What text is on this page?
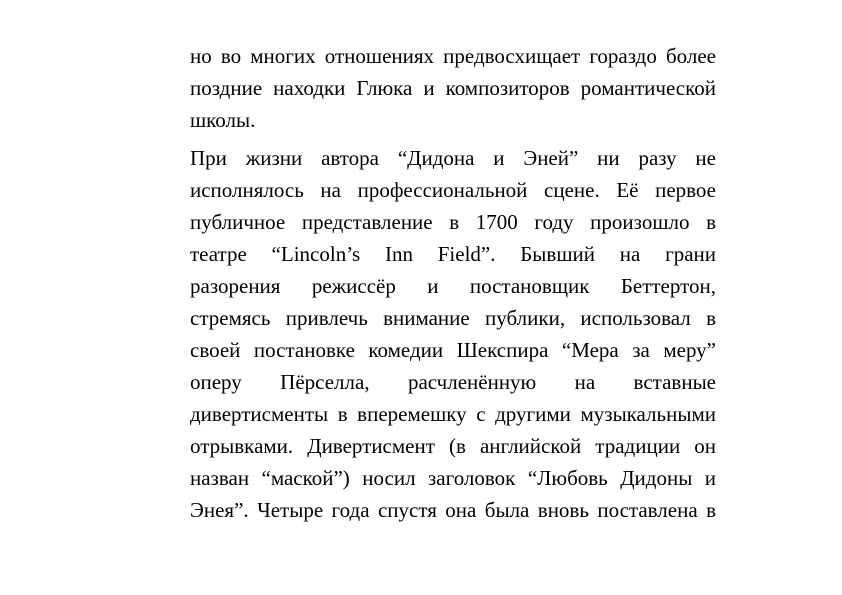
но во многих отношениях предвосхищает гораздо более
поздние находки Глюка и композиторов романтической
школы.
При жизни автора “Дидона и Эней” ни разу не
исполнялось на профессиональной сцене. Её первое
публичное представление в 1700 году произошло в
театре “Lincoln’s Inn Field”. Бывший на грани
разорения режиссёр и постановщик Беттертон,
стремясь привлечь внимание публики, использовал в
своей постановке комедии Шекспира “Мера за меру”
оперу Пёрселла, расчленённую на вставные
дивертисменты в вперемешку с другими музыкальными
отрывками. Дивертисмент (в английской традиции он
назван “маской”) носил заголовок “Любовь Дидоны и
Энея”. Четыре года спустя она была вновь поставлена в
